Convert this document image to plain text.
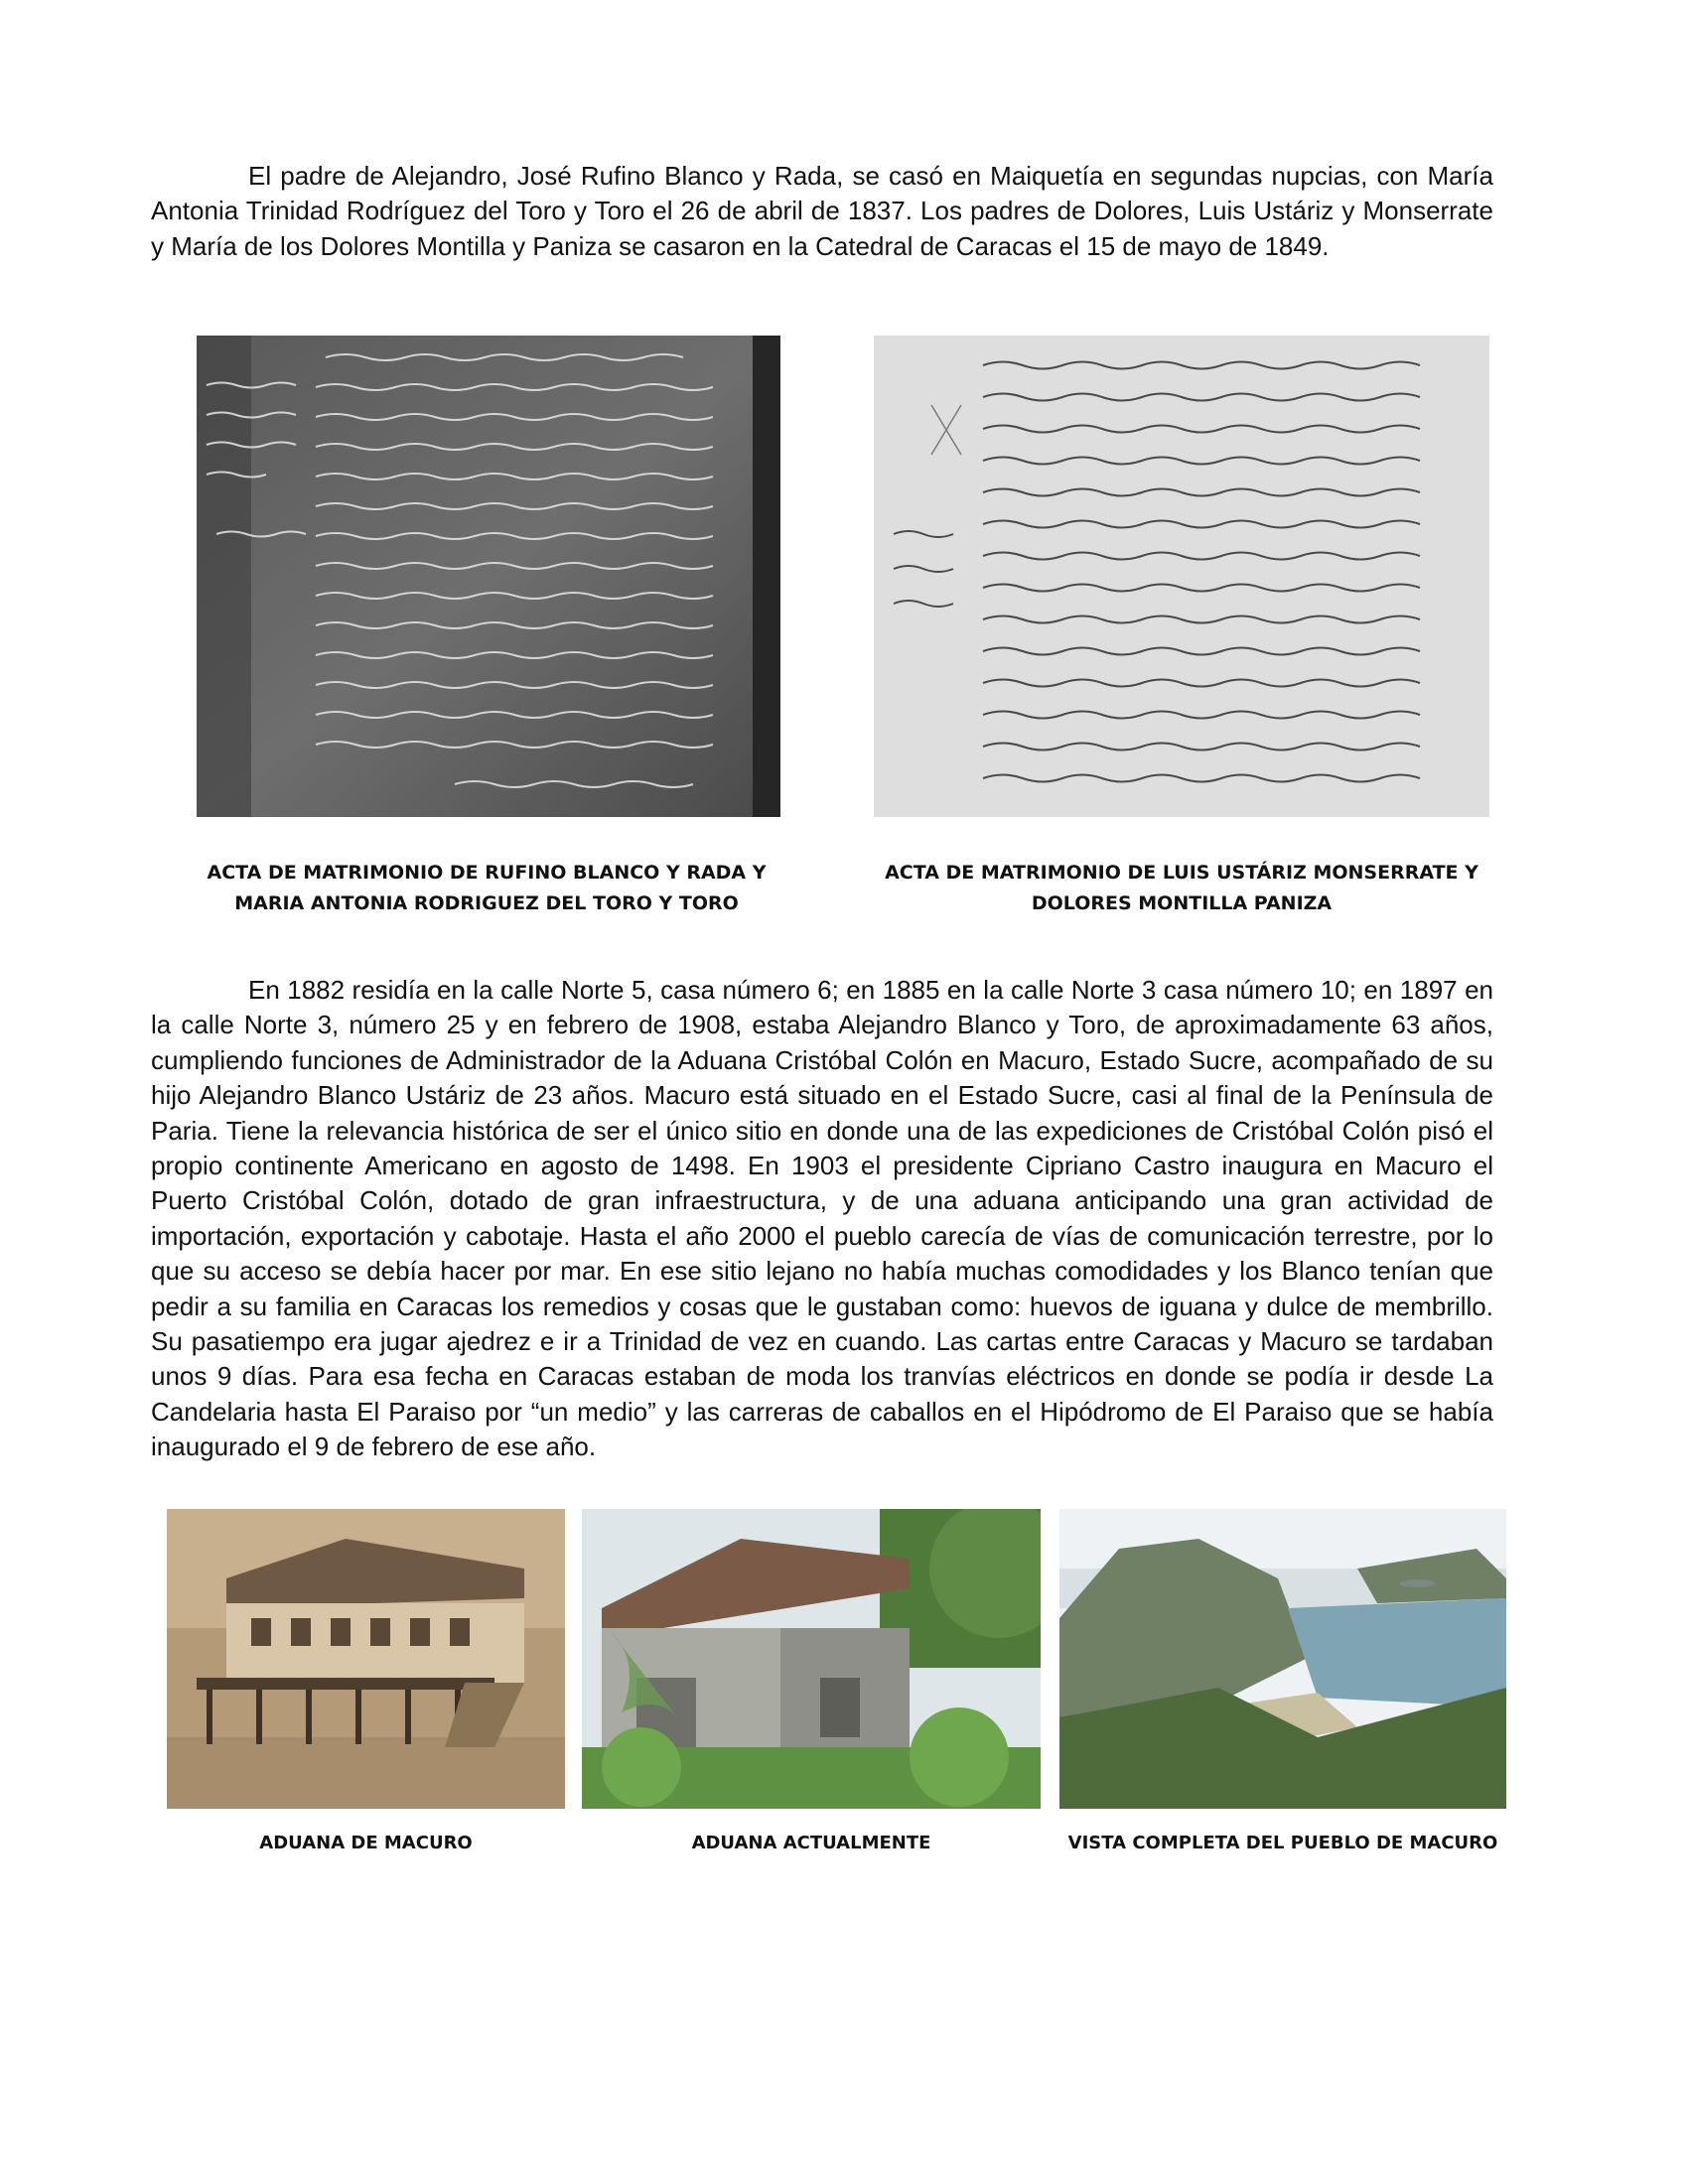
El padre de Alejandro, José Rufino Blanco y Rada, se casó en Maiquetía en segundas nupcias, con María Antonia Trinidad Rodríguez del Toro y Toro el 26 de abril de 1837. Los padres de Dolores, Luis Ustáriz y Monserrate y María de los Dolores Montilla y Paniza se casaron en la Catedral de Caracas el 15 de mayo de 1849.

ACTA DE MATRIMONIO DE RUFINO BLANCO Y RADA Y
MARIA ANTONIA RODRIGUEZ DEL TORO Y TORO
ACTA DE MATRIMONIO DE LUIS USTÁRIZ MONSERRATE Y
DOLORES MONTILLA PANIZA

En 1882 residía en la calle Norte 5, casa número 6; en 1885 en la calle Norte 3 casa número 10; en 1897 en la calle Norte 3, número 25 y en febrero de 1908, estaba Alejandro Blanco y Toro, de aproximadamente 63 años, cumpliendo funciones de Administrador de la Aduana Cristóbal Colón en Macuro, Estado Sucre, acompañado de su hijo Alejandro Blanco Ustáriz de 23 años. Macuro está situado en el Estado Sucre, casi al final de la Península de Paria. Tiene la relevancia histórica de ser el único sitio en donde una de las expediciones de Cristóbal Colón pisó el propio continente Americano en agosto de 1498. En 1903 el presidente Cipriano Castro inaugura en Macuro el Puerto Cristóbal Colón, dotado de gran infraestructura, y de una aduana anticipando una gran actividad de importación, exportación y cabotaje. Hasta el año 2000 el pueblo carecía de vías de comunicación terrestre, por lo que su acceso se debía hacer por mar. En ese sitio lejano no había muchas comodidades y los Blanco tenían que pedir a su familia en Caracas los remedios y cosas que le gustaban como: huevos de iguana y dulce de membrillo. Su pasatiempo era jugar ajedrez e ir a Trinidad de vez en cuando. Las cartas entre Caracas y Macuro se tardaban unos 9 días. Para esa fecha en Caracas estaban de moda los tranvías eléctricos en donde se podía ir desde La Candelaria hasta El Paraiso por “un medio” y las carreras de caballos en el Hipódromo de El Paraiso que se había inaugurado el 9 de febrero de ese año.

ADUANA DE MACURO	ADUANA ACTUALMENTE	VISTA COMPLETA DEL PUEBLO DE MACURO
